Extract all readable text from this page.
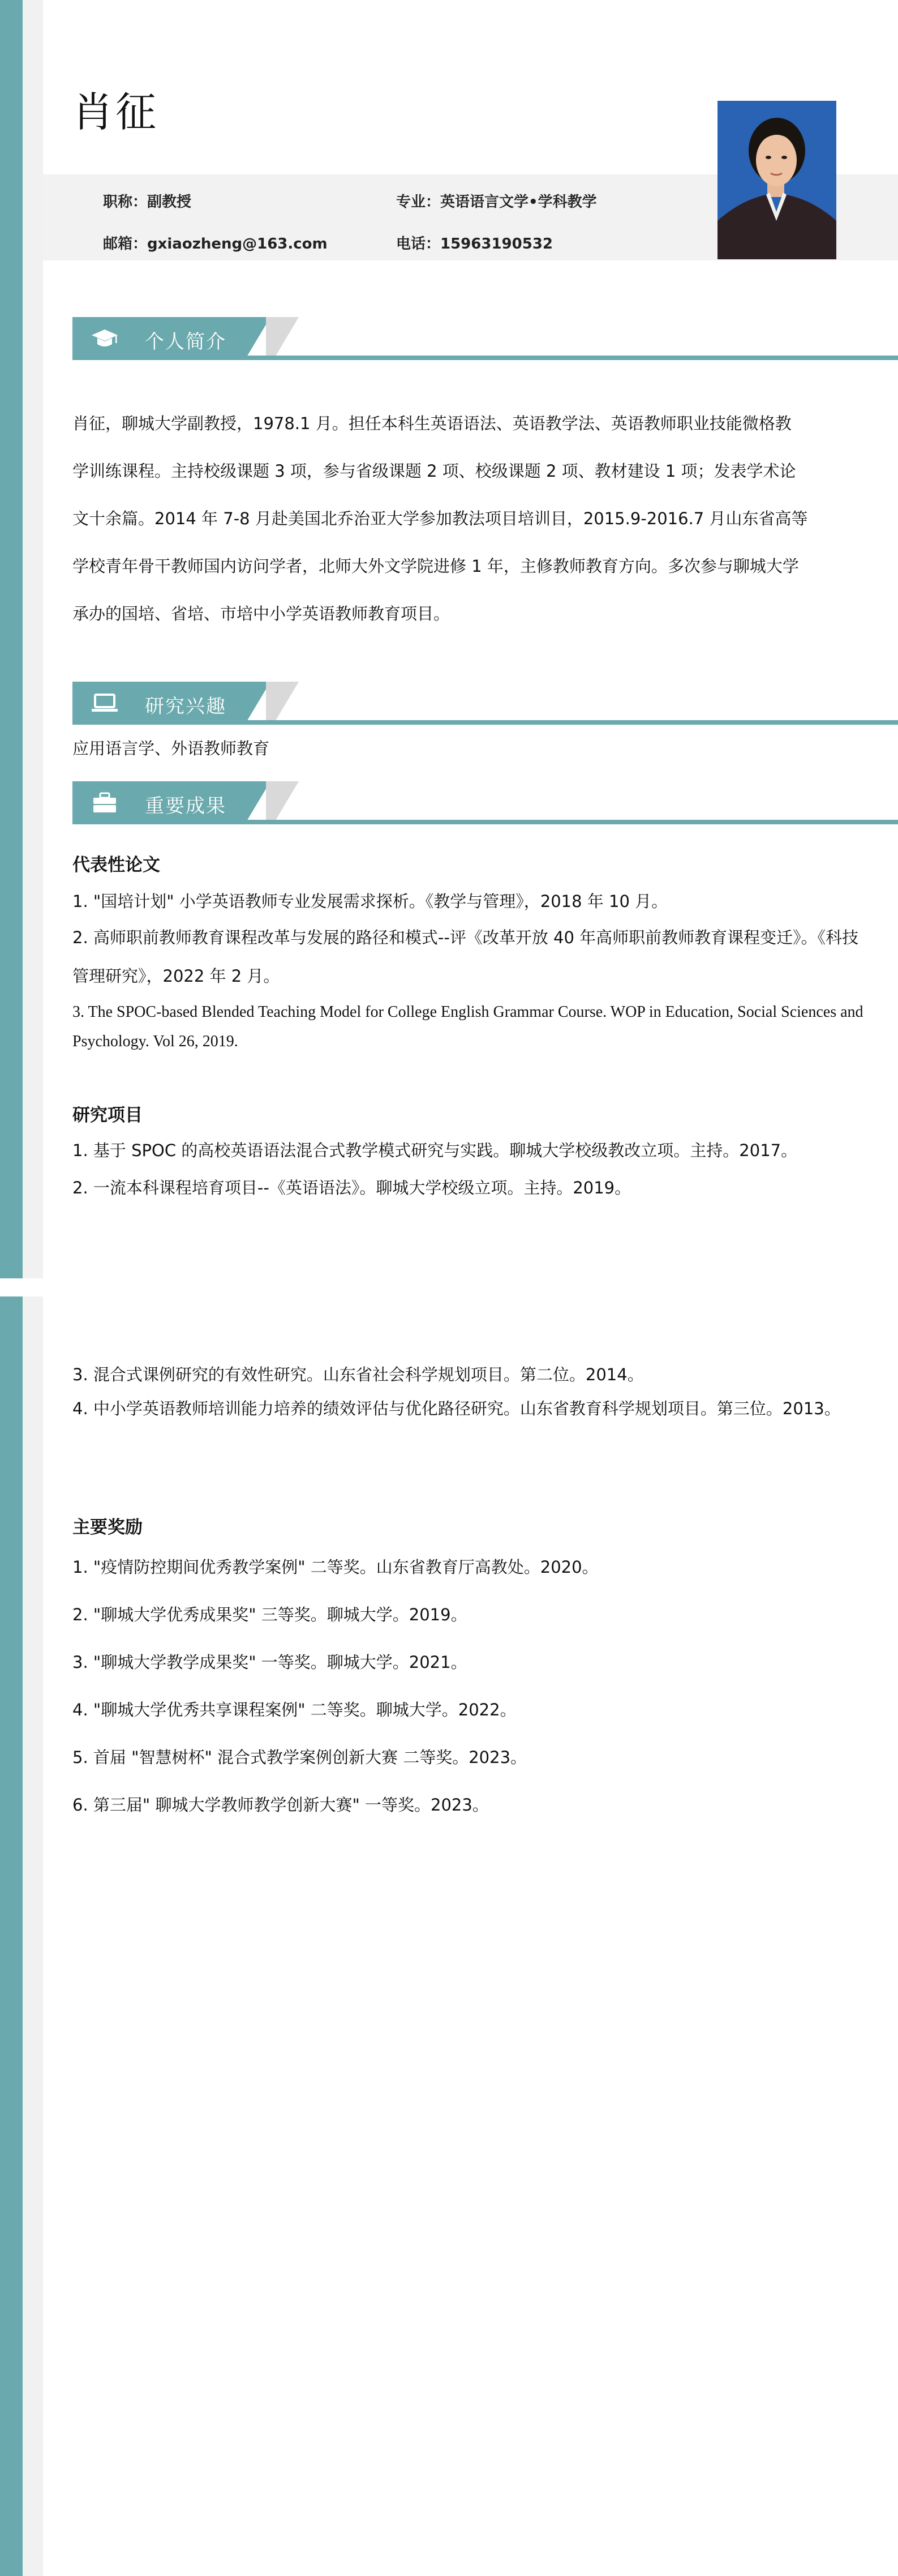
肖征
职称：副教授	专业：英语语言文学•学科教学
邮箱：gxiaozheng@163.com	电话：15963190532
个人简介
肖征，聊城大学副教授，1978.1 月。担任本科生英语语法、英语教学法、英语教师职业技能微格教
学训练课程。主持校级课题 3 项，参与省级课题 2 项、校级课题 2 项、教材建设 1 项；发表学术论
文十余篇。2014 年 7-8 月赴美国北乔治亚大学参加教法项目培训目，2015.9-2016.7 月山东省高等
学校青年骨干教师国内访问学者，北师大外文学院进修 1 年，主修教师教育方向。多次参与聊城大学
承办的国培、省培、市培中小学英语教师教育项目。
研究兴趣
应用语言学、外语教师教育
重要成果
代表性论文
1. "国培计划" 小学英语教师专业发展需求探析。《教学与管理》，2018 年 10 月。
2. 高师职前教师教育课程改革与发展的路径和模式--评《改革开放 40 年高师职前教师教育课程变迁》。《科技管理研究》，2022 年 2 月。
3. The SPOC-based Blended Teaching Model for College English Grammar Course. WOP in Education, Social Sciences and Psychology. Vol 26, 2019.
研究项目
1. 基于 SPOC 的高校英语语法混合式教学模式研究与实践。聊城大学校级教改立项。主持。2017。
2. 一流本科课程培育项目--《英语语法》。聊城大学校级立项。主持。2019。
3. 混合式课例研究的有效性研究。山东省社会科学规划项目。第二位。2014。
4. 中小学英语教师培训能力培养的绩效评估与优化路径研究。山东省教育科学规划项目。第三位。2013。
主要奖励
1. "疫情防控期间优秀教学案例" 二等奖。山东省教育厅高教处。2020。
2. "聊城大学优秀成果奖" 三等奖。聊城大学。2019。
3. "聊城大学教学成果奖" 一等奖。聊城大学。2021。
4. "聊城大学优秀共享课程案例" 二等奖。聊城大学。2022。
5. 首届 "智慧树杯" 混合式教学案例创新大赛 二等奖。2023。
6. 第三届" 聊城大学教师教学创新大赛" 一等奖。2023。
